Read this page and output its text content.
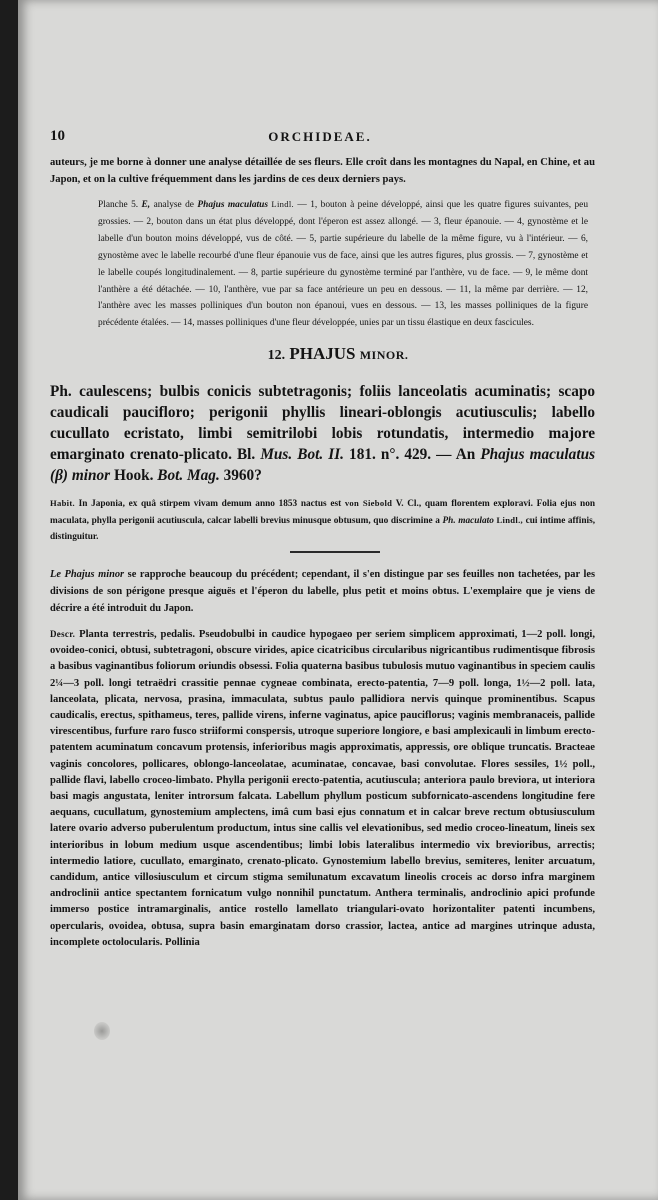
10	ORCHIDEAE.

auteurs, je me borne à donner une analyse détaillée de ses fleurs. Elle croît dans les montagnes du Napal, en Chine, et au Japon, et on la cultive fréquemment dans les jardins de ces deux derniers pays.

Planche 5. E, analyse de Phajus maculatus Lindl. — 1, bouton à peine développé, ainsi que les quatre figures suivantes, peu grossies. — 2, bouton dans un état plus développé, dont l'éperon est assez allongé. — 3, fleur épanouie. — 4, gynostème et le labelle d'un bouton moins développé, vus de côté. — 5, partie supérieure du labelle de la même figure, vu à l'intérieur. — 6, gynostème avec le labelle recourbé d'une fleur épanouie vus de face, ainsi que les autres figures, plus grossis. — 7, gynostème et le labelle coupés longitudinalement. — 8, partie supérieure du gynostème terminé par l'anthère, vu de face. — 9, le même dont l'anthère a été détachée. — 10, l'anthère, vue par sa face antérieure un peu en dessous. — 11, la même par derrière. — 12, l'anthère avec les masses polliniques d'un bouton non épanoui, vues en dessous. — 13, les masses polliniques de la figure précédente étalées. — 14, masses polliniques d'une fleur développée, unies par un tissu élastique en deux fascicules.

12. PHAJUS MINOR.

Ph. caulescens; bulbis conicis subtetragonis; foliis lanceolatis acuminatis; scapo caudicali paucifloro; perigonii phyllis lineari-oblongis acutiusculis; labello cucullato ecristato, limbi semitrilobi lobis rotundatis, intermedio majore emarginato crenato-plicato. Bl. Mus. Bot. II. 181. n°. 429. — An Phajus maculatus (β) minor Hook. Bot. Mag. 3960?

Habit. In Japonia, ex quâ stirpem vivam demum anno 1853 nactus est von Siebold V. Cl., quam florentem exploravi. Folia ejus non maculata, phylla perigonii acutiuscula, calcar labelli brevius minusque obtusum, quo discrimine a Ph. maculato Lindl., cui intime affinis, distinguitur.

Le Phajus minor se rapproche beaucoup du précédent; cependant, il s'en distingue par ses feuilles non tachetées, par les divisions de son périgone presque aiguës et l'éperon du labelle, plus petit et moins obtus. L'exemplaire que je viens de décrire a été introduit du Japon.

Descr. Planta terrestris, pedalis. Pseudobulbi in caudice hypogaeo per seriem simplicem approximati, 1—2 poll. longi, ovoideo-conici, obtusi, subtetragoni, obscure virides, apice cicatricibus circularibus nigricantibus rudimentisque fibrosis a basibus vaginantibus foliorum oriundis obsessi. Folia quaterna basibus tubulosis mutuo vaginantibus in speciem caulis 2¼—3 poll. longi tetraëdri crassitie pennae cygneae combinata, erecto-patentia, 7—9 poll. longa, 1½—2 poll. lata, lanceolata, plicata, nervosa, prasina, immaculata, subtus paulo pallidiora nervis quinque prominentibus. Scapus caudicalis, erectus, spithameus, teres, pallide virens, inferne vaginatus, apice pauciflorus; vaginis membranaceis, pallide virescentibus, furfure raro fusco striiformi conspersis, utroque superiore longiore, e basi amplexicauli in limbum erecto-patentem acuminatum concavum protensis, inferioribus magis approximatis, appressis, ore oblique truncatis. Bracteae vaginis concolores, pollicares, oblongo-lanceolatae, acuminatae, concavae, basi convolutae. Flores sessiles, 1½ poll., pallide flavi, labello croceo-limbato. Phylla perigonii erecto-patentia, acutiuscula; anteriora paulo breviora, ut interiora basi magis angustata, leniter introrsum falcata. Labellum phyllum posticum subfornicato-ascendens longitudine fere aequans, cucullatum, gynostemium amplectens, imâ cum basi ejus connatum et in calcar breve rectum obtusiusculum latere ovario adverso puberulentum productum, intus sine callis vel elevationibus, sed medio croceo-lineatum, lineis sex interioribus in lobum medium usque ascendentibus; limbi lobis lateralibus intermedio vix brevioribus, arrectis; intermedio latiore, cucullato, emarginato, crenato-plicato. Gynostemium labello brevius, semiteres, leniter arcuatum, candidum, antice villosiusculum et circum stigma semilunatum excavatum lineolis croceis ac dorso infra marginem androclinii antice spectantem fornicatum vulgo nonnihil punctatum. Anthera terminalis, androclinio apici profunde immerso postice intramarginalis, antice rostello lamellato triangulari-ovato horizontaliter patenti incumbens, opercularis, ovoidea, obtusa, supra basin emarginatam dorso crassior, lactea, antice ad margines utrinque adusta, incomplete octolocularis. Pollinia
